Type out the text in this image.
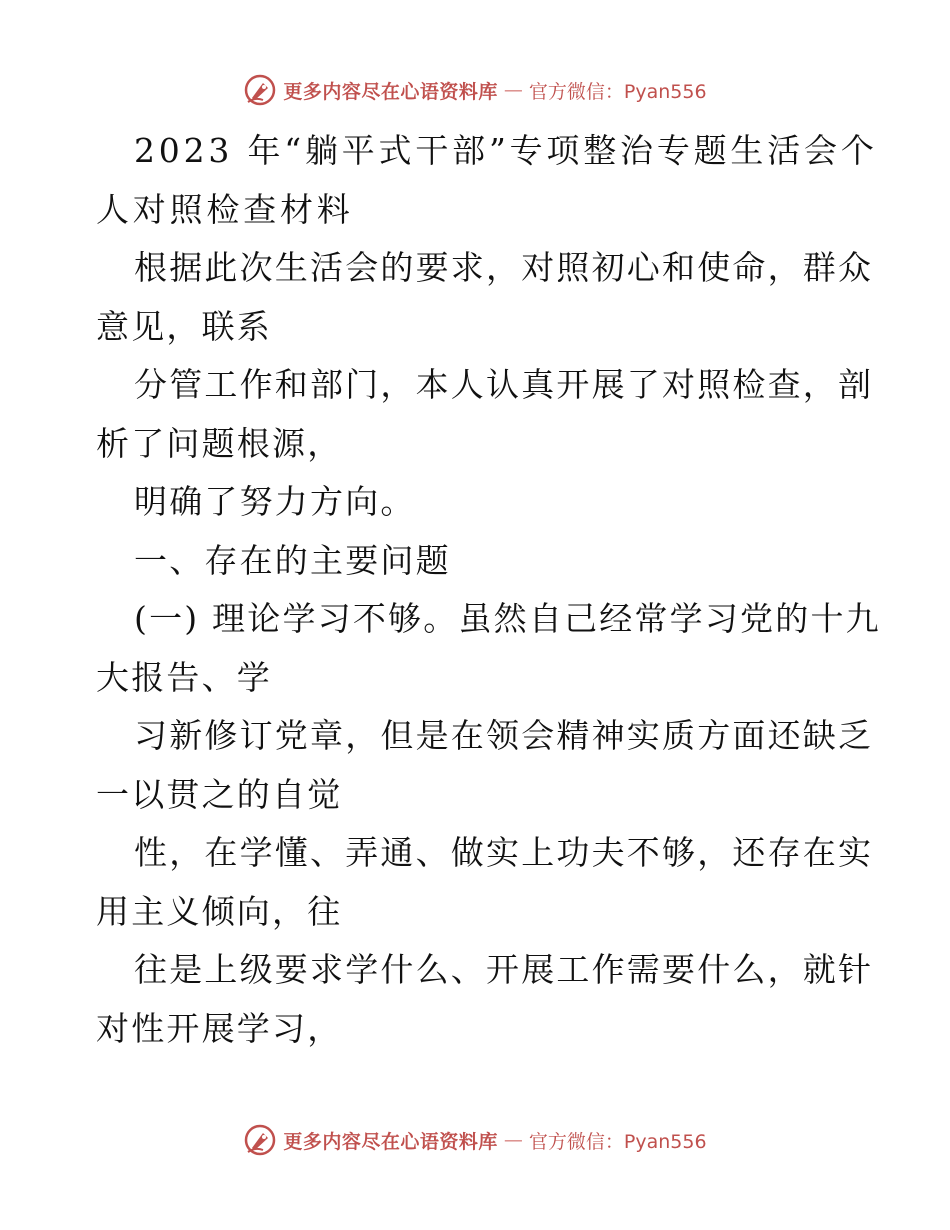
更多内容尽在心语资料库 — 官方微信：Pyan556
2023 年“躺平式干部”专项整治专题生活会个
人对照检查材料
根据此次生活会的要求，对照初心和使命，群众
意见，联系
分管工作和部门，本人认真开展了对照检查，剖
析了问题根源，
明确了努力方向。
一、存在的主要问题
(一) 理论学习不够。虽然自己经常学习党的十九
大报告、学
习新修订党章，但是在领会精神实质方面还缺乏
一以贯之的自觉
性，在学懂、弄通、做实上功夫不够，还存在实
用主义倾向，往
往是上级要求学什么、开展工作需要什么，就针
对性开展学习，
更多内容尽在心语资料库 — 官方微信：Pyan556
